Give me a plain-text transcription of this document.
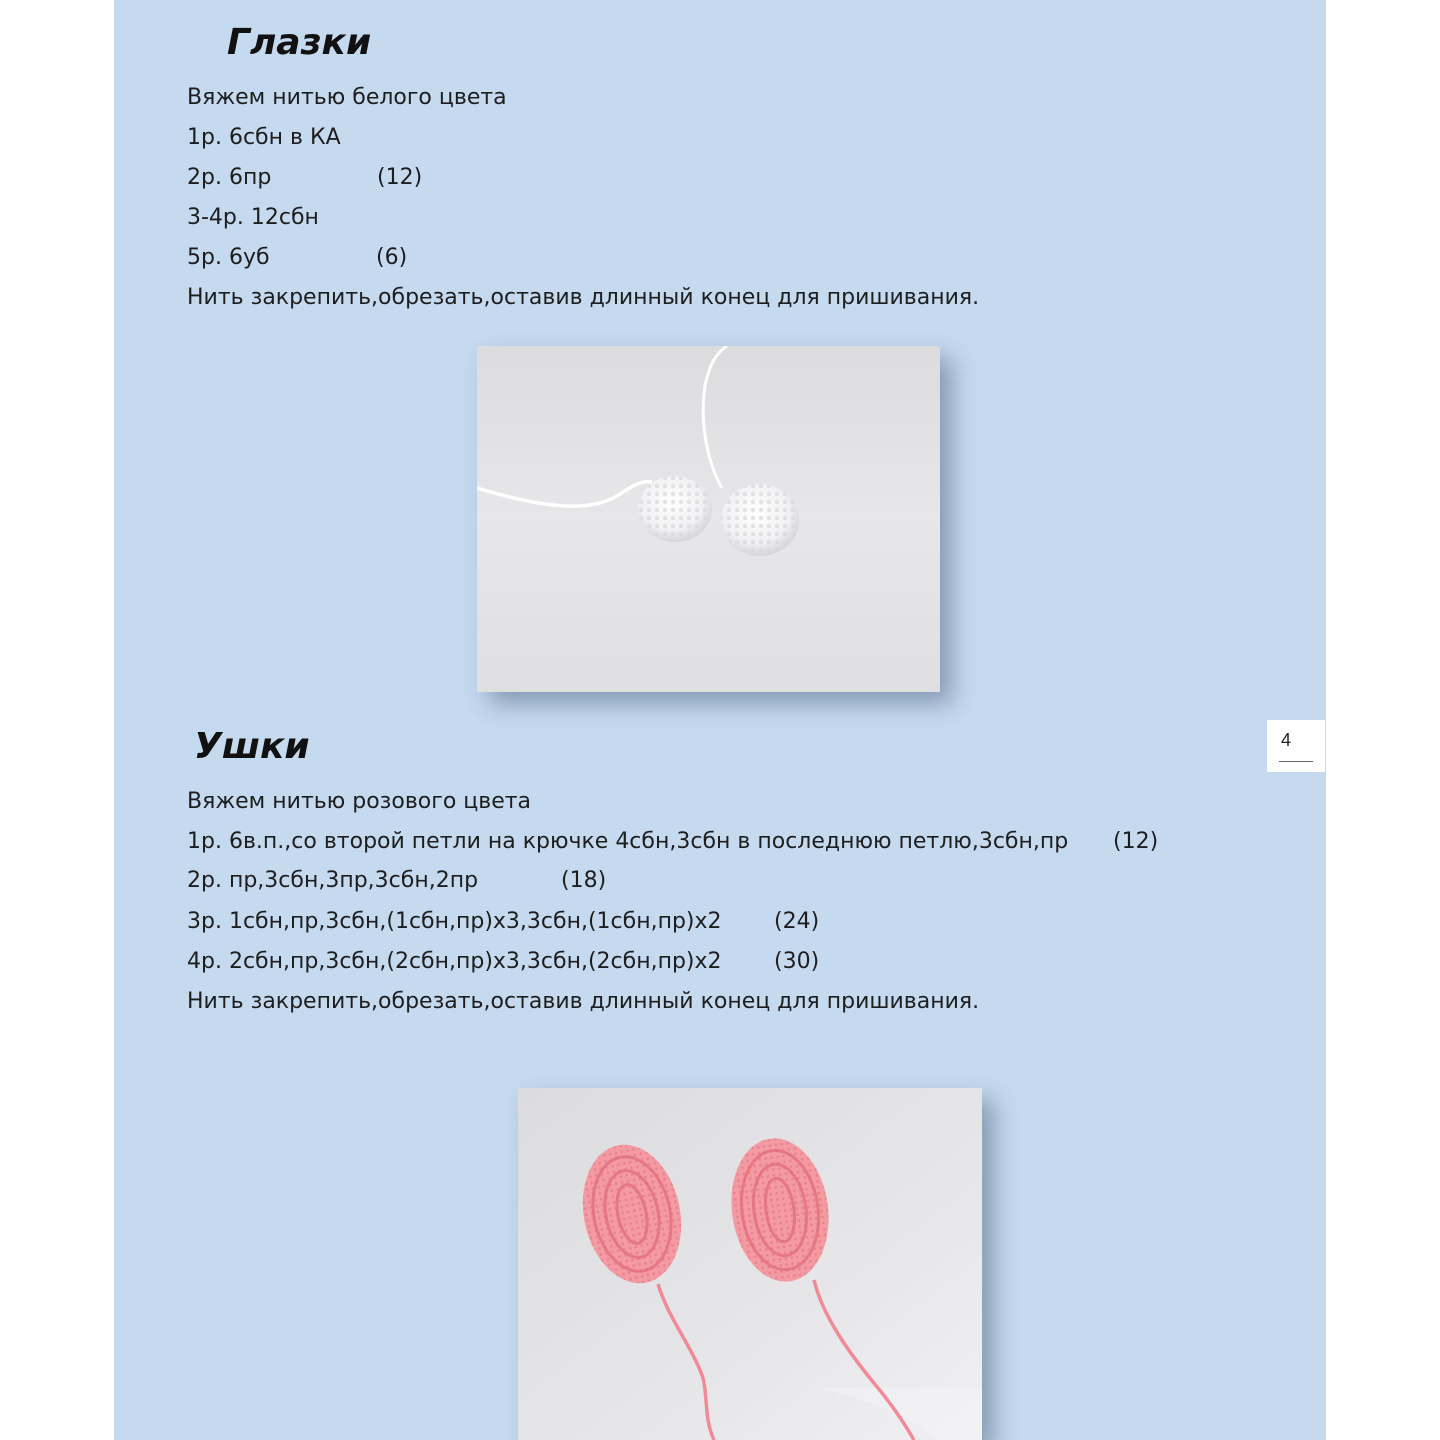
Глазки

Вяжем нитью белого цвета

1р. 6сбн в КА

2р. 6пр	(12)

3-4р. 12сбн

5р. 6уб	(6)

Нить закрепить,обрезать,оставив длинный конец для пришивания.

Ушки

Вяжем нитью розового цвета

1р. 6в.п.,со второй петли на крючке 4сбн,3сбн в последнюю петлю,3сбн,пр (12)
2р. пр,3сбн,3пр,3сбн,2пр	(18)
3р. 1сбн,пр,3сбн,(1сбн,пр)х3,3сбн,(1сбн,пр)х2 (24)
4р. 2сбн,пр,3сбн,(2сбн,пр)х3,3сбн,(2сбн,пр)х2 (30)

Нить закрепить,обрезать,оставив длинный конец для пришивания.

4
